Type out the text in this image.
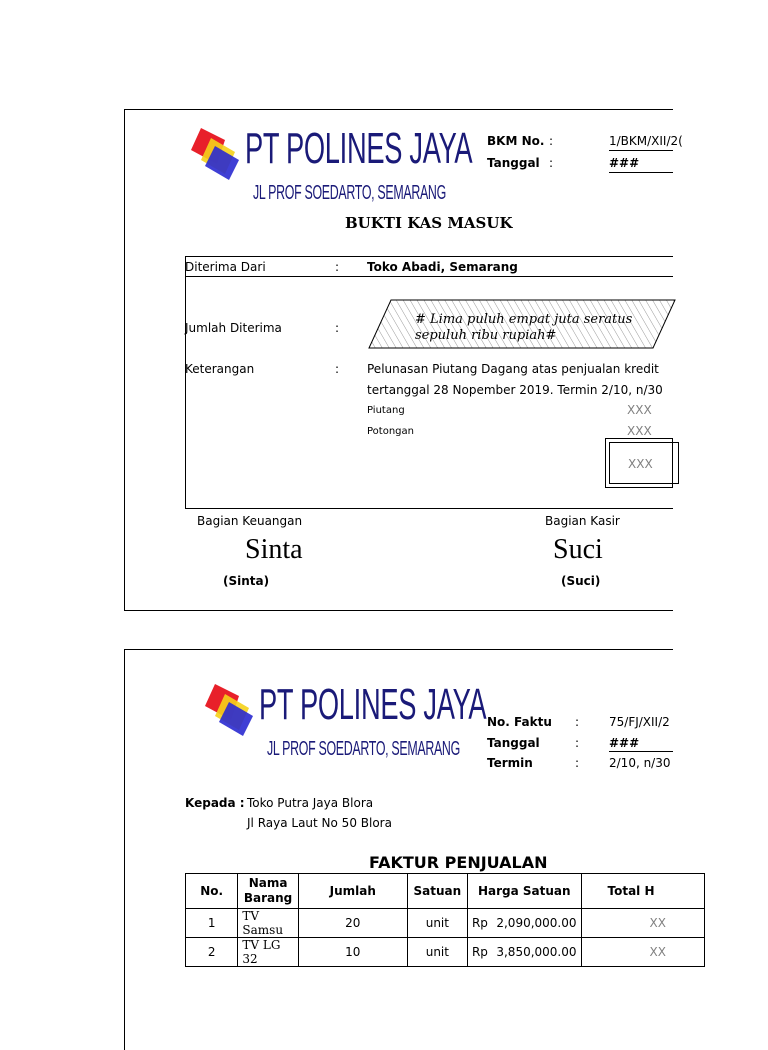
PT POLINES JAYA
JL PROF SOEDARTO, SEMARANG
BKM No. :	1/BKM/XII/2(
Tanggal :	###
BUKTI KAS MASUK
Diterima Dari	: Toko Abadi, Semarang
Jumlah Diterima	:
# Lima puluh empat juta seratus
sepuluh ribu rupiah#
Keterangan	: Pelunasan Piutang Dagang atas penjualan kredit
tertanggal 28 Nopember 2019. Termin 2/10, n/30
Piutang	XXX
Potongan	XXX
XXX
Bagian Keuangan	Bagian Kasir
Sinta	Suci
(Sinta)	(Suci)
PT POLINES JAYA
JL PROF SOEDARTO, SEMARANG
No. Faktu : 75/FJ/XII/2
Tanggal	: ###
Termin	: 2/10, n/30
Kepada : Toko Putra Jaya Blora
Jl Raya Laut No 50 Blora
FAKTUR PENJUALAN
No.	Nama Barang	Jumlah	Satuan	Harga Satuan	Total H
1	TV Samsu	20	unit	Rp 2,090,000.00	XX
2	TV LG 32	10	unit	Rp 3,850,000.00	XX
